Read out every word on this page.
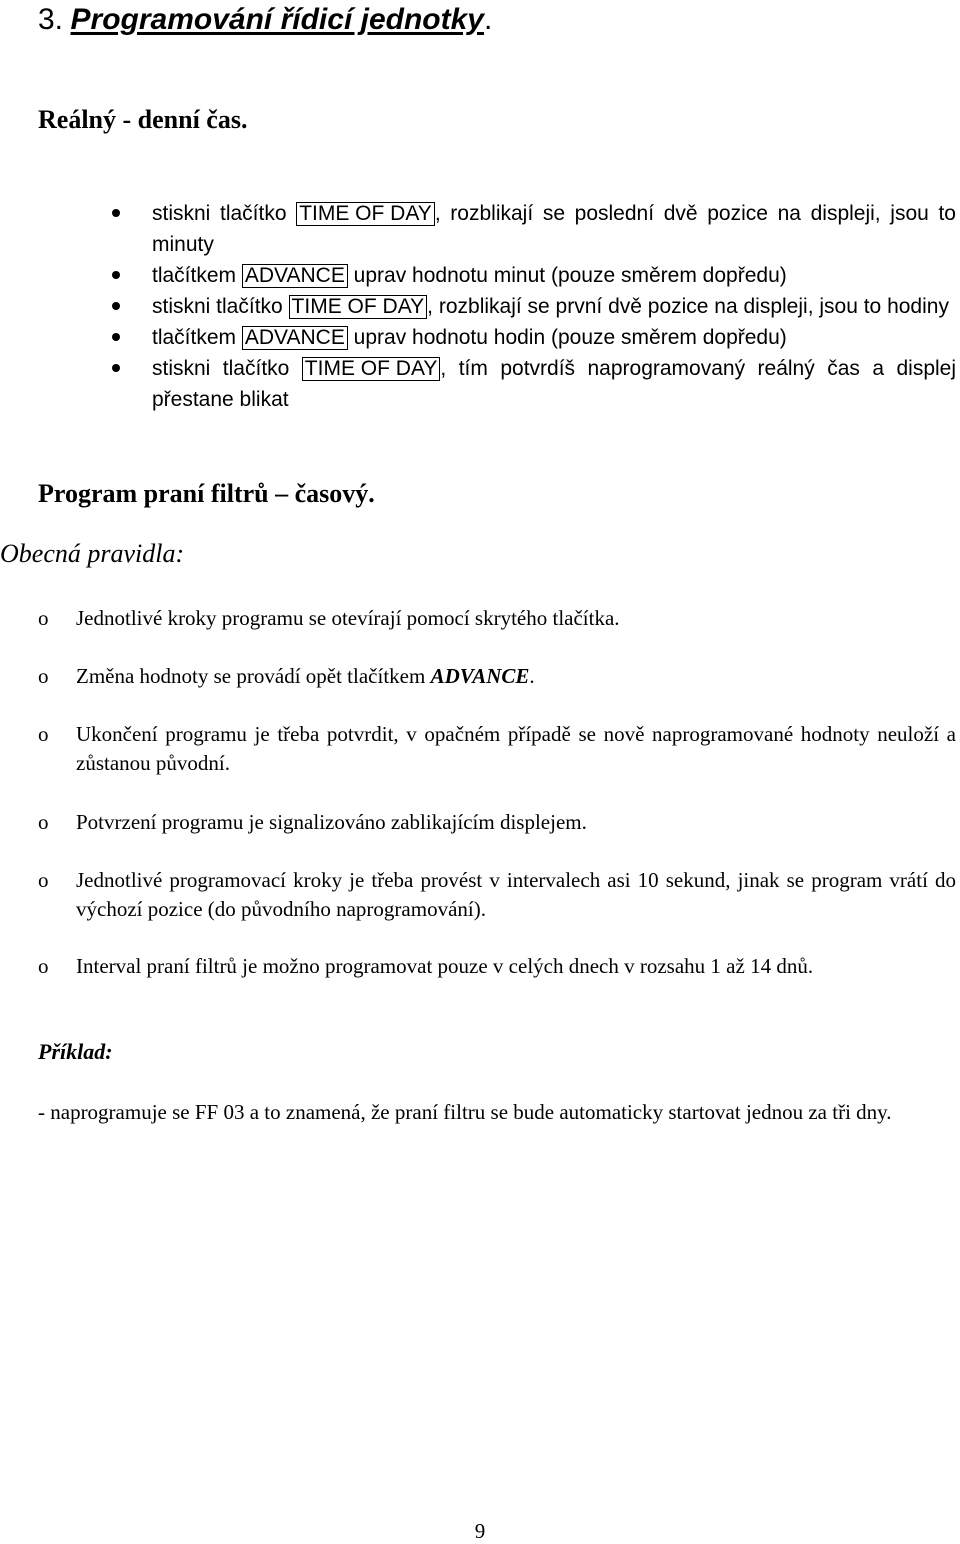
3. Programování řídicí jednotky.
Reálný - denní čas.
stiskni tlačítko TIME OF DAY , rozblikají se poslední dvě pozice na displeji, jsou to minuty
tlačítkem ADVANCE uprav hodnotu minut (pouze směrem dopředu)
stiskni tlačítko TIME OF DAY , rozblikají se první dvě pozice na displeji, jsou to hodiny
tlačítkem ADVANCE uprav hodnotu hodin (pouze směrem dopředu)
stiskni tlačítko TIME OF DAY , tím potvrdíš naprogramovaný reálný čas a displej přestane blikat
Program praní filtrů – časový.
Obecná pravidla:
o Jednotlivé kroky programu se otevírají pomocí skrytého tlačítka.
o Změna hodnoty se provádí opět tlačítkem ADVANCE.
o Ukončení programu je třeba potvrdit, v opačném případě se nově naprogramované hodnoty neuloží a zůstanou původní.
o Potvrzení programu je signalizováno zablikajícím displejem.
o Jednotlivé programovací kroky je třeba provést v intervalech asi 10 sekund, jinak se program vrátí do výchozí pozice (do původního naprogramování).
o Interval praní filtrů je možno programovat pouze v celých dnech v rozsahu 1 až 14 dnů.
Příklad:
- naprogramuje se FF 03 a to znamená, že praní filtru se bude automaticky startovat jednou za tři dny.
9
